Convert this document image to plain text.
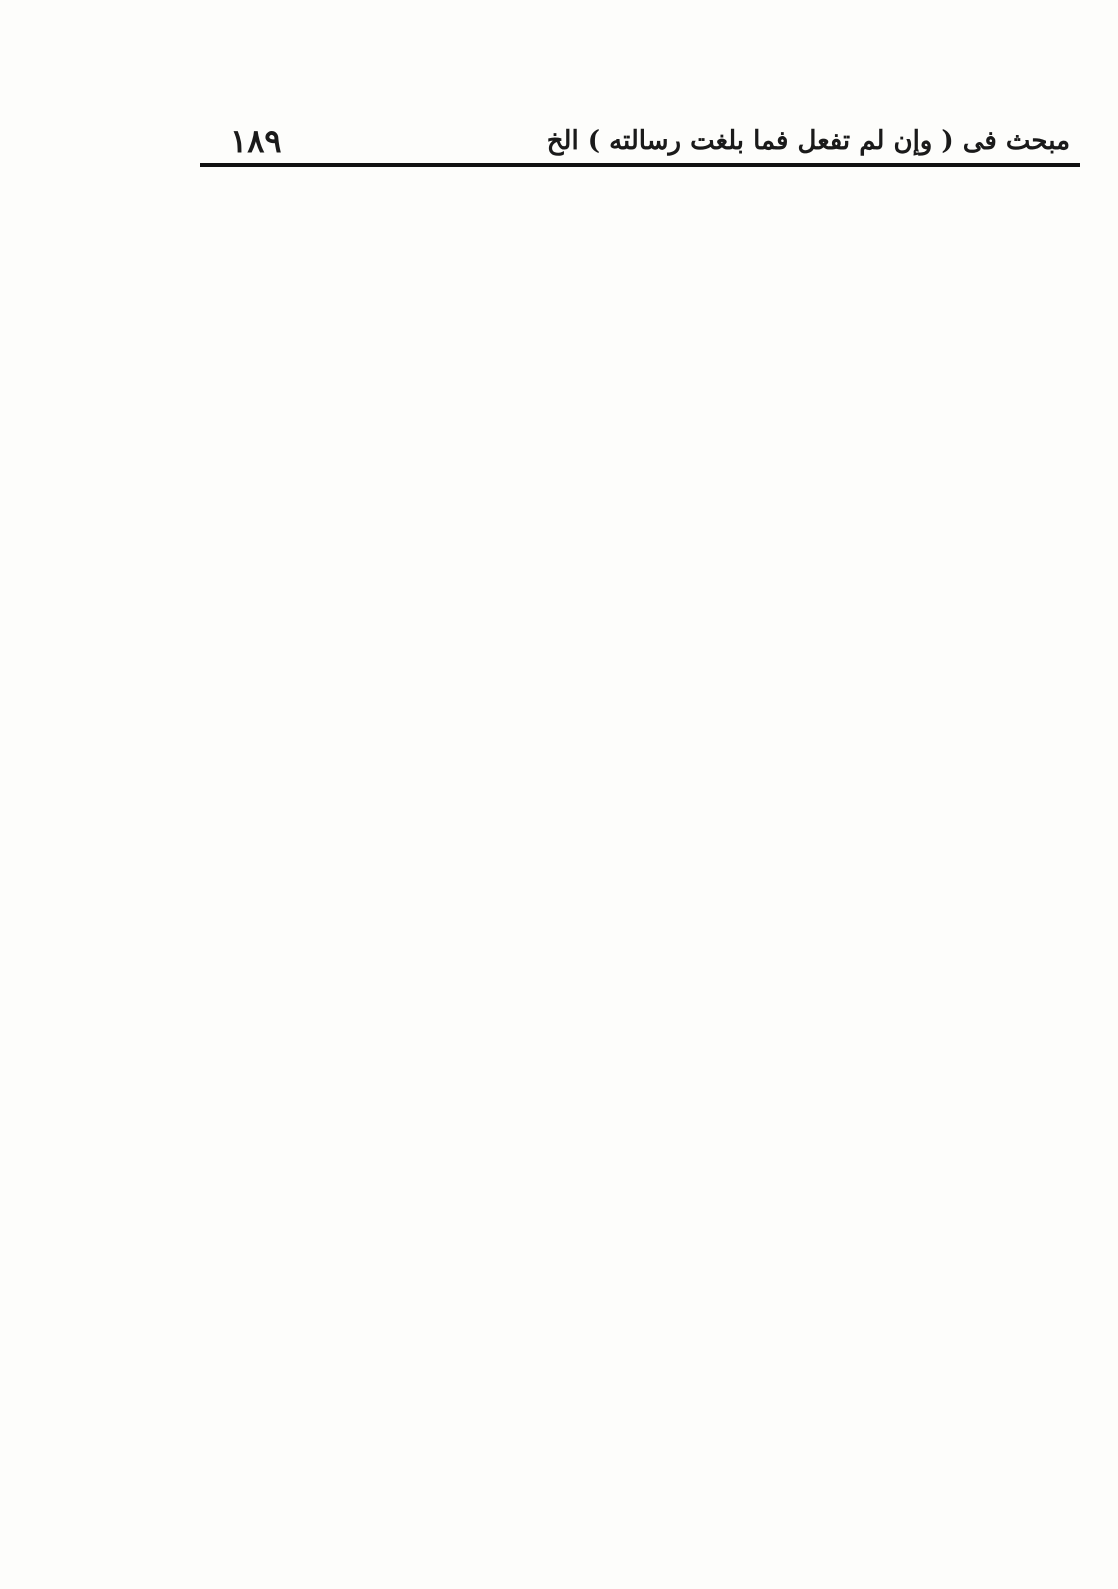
مبحث فى ( وإن لم تفعل فما بلغت رسالته ) الخ
١٨٩
